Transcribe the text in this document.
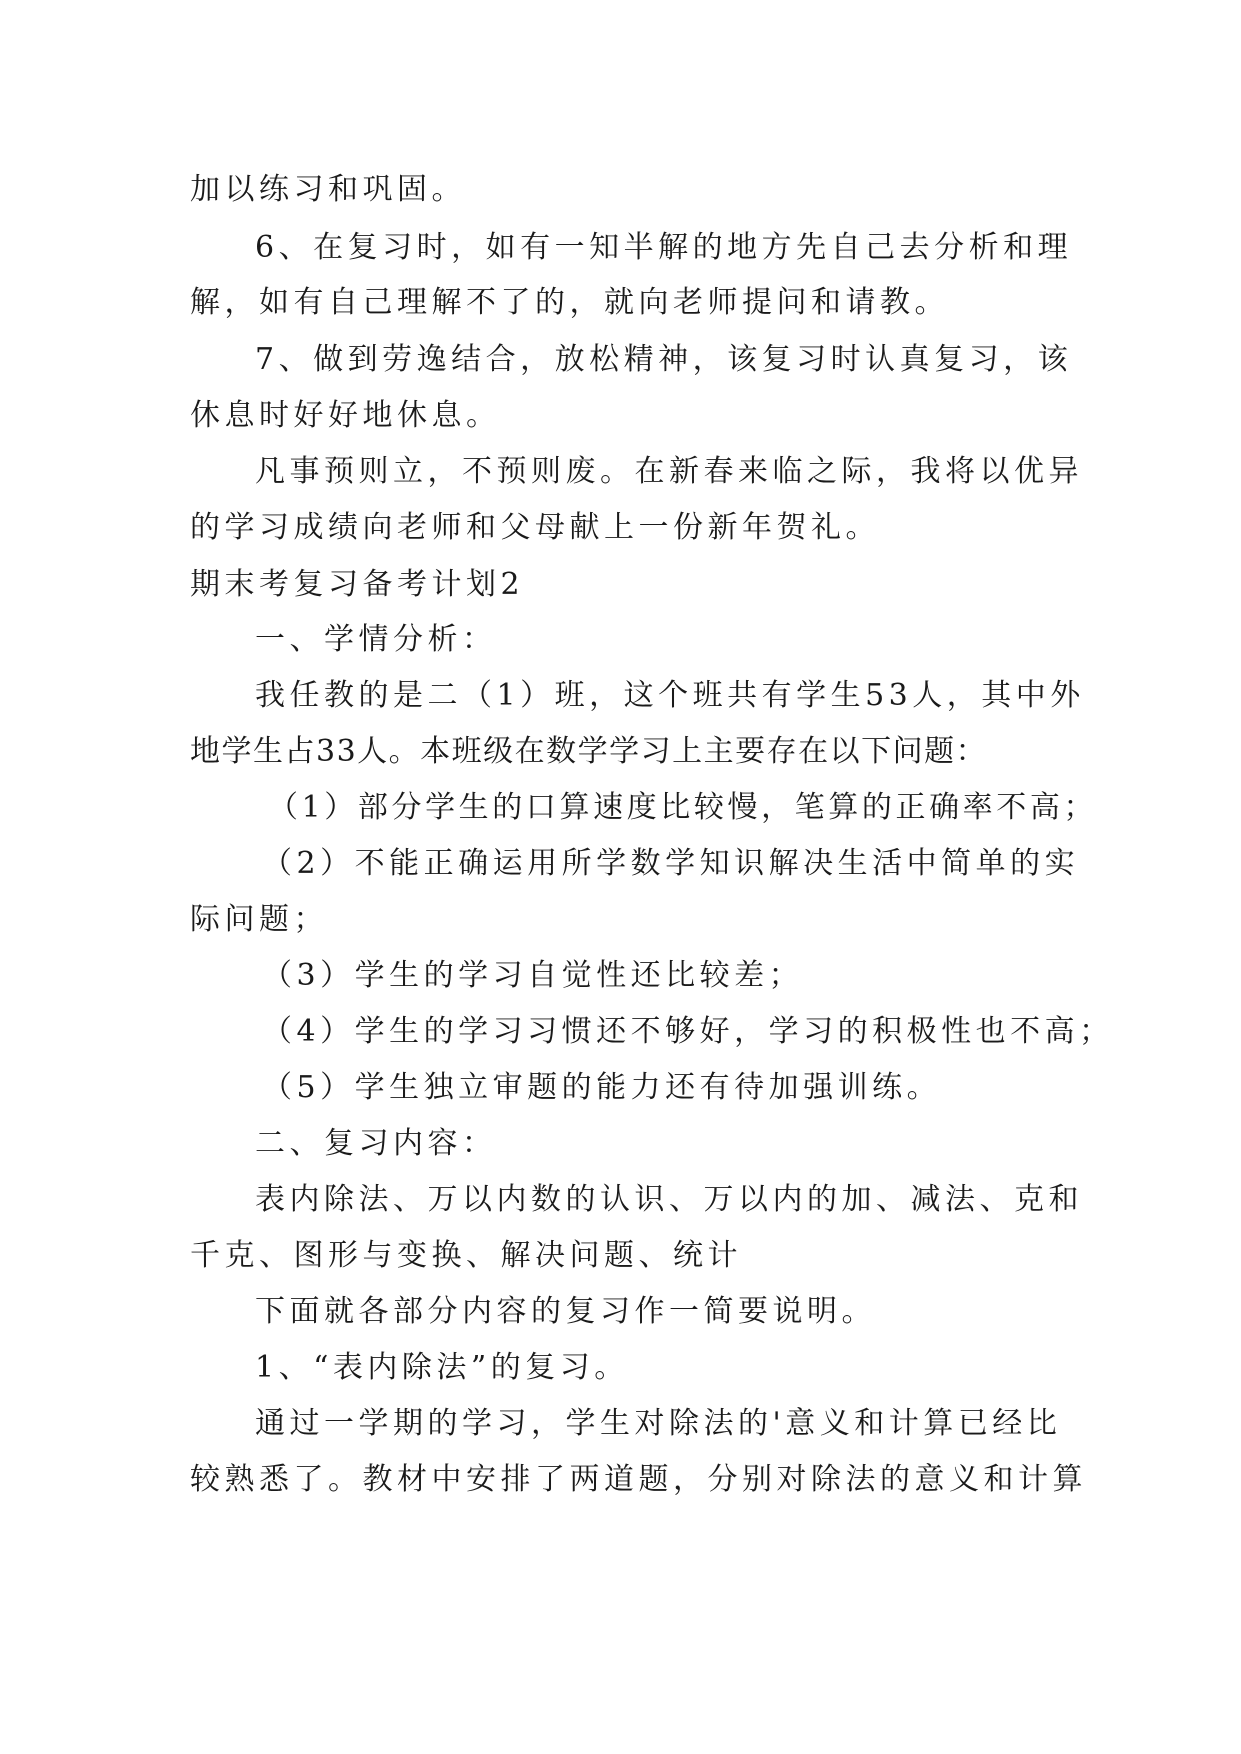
加以练习和巩固。
6、在复习时，如有一知半解的地方先自己去分析和理
解，如有自己理解不了的，就向老师提问和请教。
7、做到劳逸结合，放松精神，该复习时认真复习，该
休息时好好地休息。
凡事预则立，不预则废。在新春来临之际，我将以优异
的学习成绩向老师和父母献上一份新年贺礼。
期末考复习备考计划2
一、学情分析：
我任教的是二（1）班，这个班共有学生53人，其中外
地学生占33人。本班级在数学学习上主要存在以下问题：
（1）部分学生的口算速度比较慢，笔算的正确率不高；
（2）不能正确运用所学数学知识解决生活中简单的实
际问题；
（3）学生的学习自觉性还比较差；
（4）学生的学习习惯还不够好，学习的积极性也不高；
（5）学生独立审题的能力还有待加强训练。
二、复习内容：
表内除法、万以内数的认识、万以内的加、减法、克和
千克、图形与变换、解决问题、统计
下面就各部分内容的复习作一简要说明。
1、“表内除法”的复习。
通过一学期的学习，学生对除法的'意义和计算已经比
较熟悉了。教材中安排了两道题，分别对除法的意义和计算
